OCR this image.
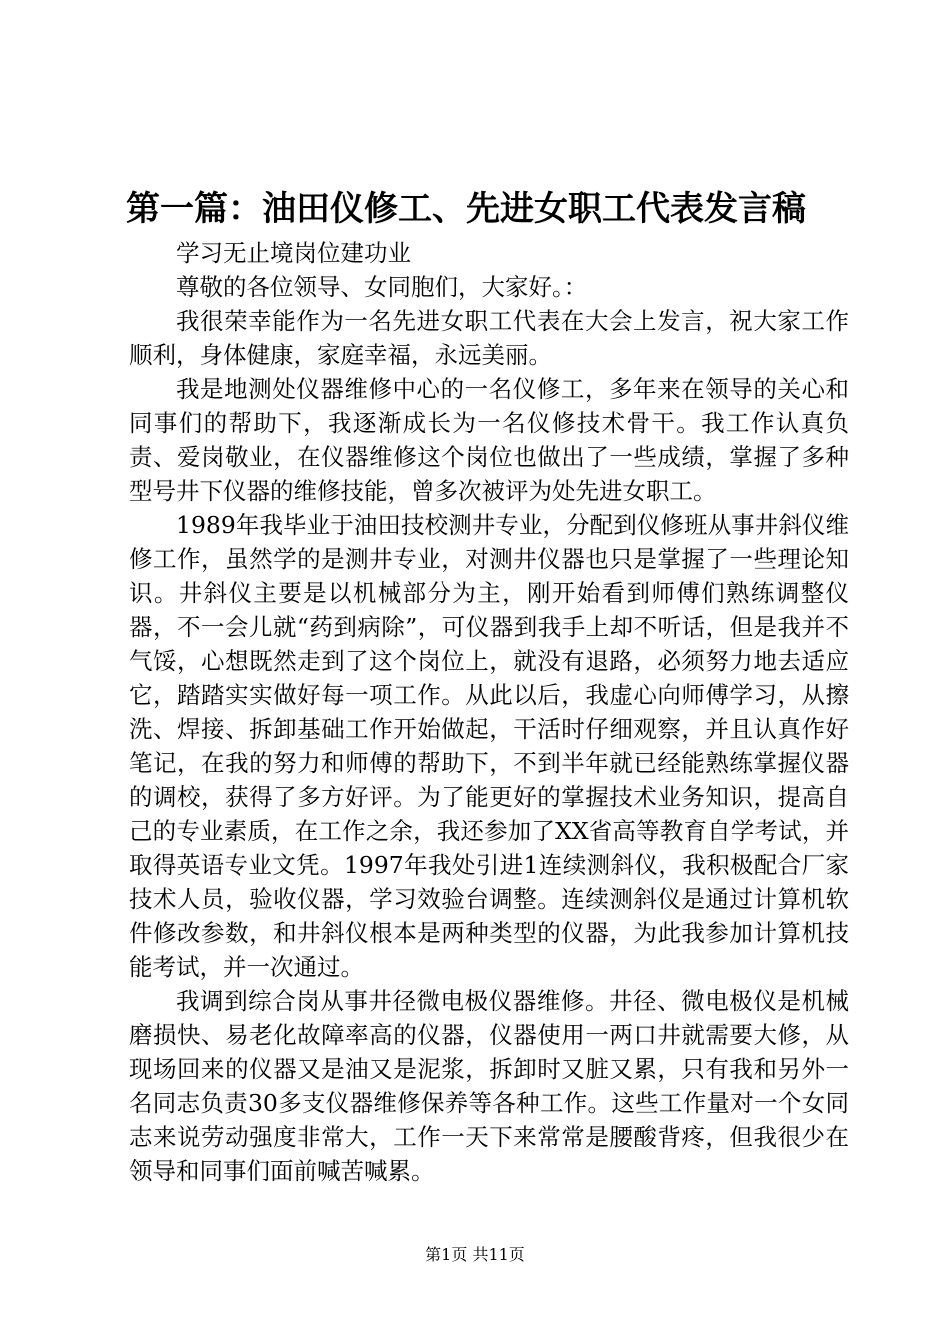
第一篇：油田仪修工、先进女职工代表发言稿

学习无止境岗位建功业

尊敬的各位领导、女同胞们，大家好。：

我很荣幸能作为一名先进女职工代表在大会上发言，祝大家工作顺利，身体健康，家庭幸福，永远美丽。

我是地测处仪器维修中心的一名仪修工，多年来在领导的关心和同事们的帮助下，我逐渐成长为一名仪修技术骨干。我工作认真负责、爱岗敬业，在仪器维修这个岗位也做出了一些成绩，掌握了多种型号井下仪器的维修技能，曾多次被评为处先进女职工。

1989年我毕业于油田技校测井专业，分配到仪修班从事井斜仪维修工作，虽然学的是测井专业，对测井仪器也只是掌握了一些理论知识。井斜仪主要是以机械部分为主，刚开始看到师傅们熟练调整仪器，不一会儿就“药到病除”，可仪器到我手上却不听话，但是我并不气馁，心想既然走到了这个岗位上，就没有退路，必须努力地去适应它，踏踏实实做好每一项工作。从此以后，我虚心向师傅学习，从擦洗、焊接、拆卸基础工作开始做起，干活时仔细观察，并且认真作好笔记，在我的努力和师傅的帮助下，不到半年就已经能熟练掌握仪器的调校，获得了多方好评。为了能更好的掌握技术业务知识，提高自己的专业素质，在工作之余，我还参加了XX省高等教育自学考试，并取得英语专业文凭。1997年我处引进1连续测斜仪，我积极配合厂家技术人员，验收仪器，学习效验台调整。连续测斜仪是通过计算机软件修改参数，和井斜仪根本是两种类型的仪器，为此我参加计算机技能考试，并一次通过。

我调到综合岗从事井径微电极仪器维修。井径、微电极仪是机械磨损快、易老化故障率高的仪器，仪器使用一两口井就需要大修，从现场回来的仪器又是油又是泥浆，拆卸时又脏又累，只有我和另外一名同志负责30多支仪器维修保养等各种工作。这些工作量对一个女同志来说劳动强度非常大，工作一天下来常常是腰酸背疼，但我很少在领导和同事们面前喊苦喊累。

第1页 共11页
